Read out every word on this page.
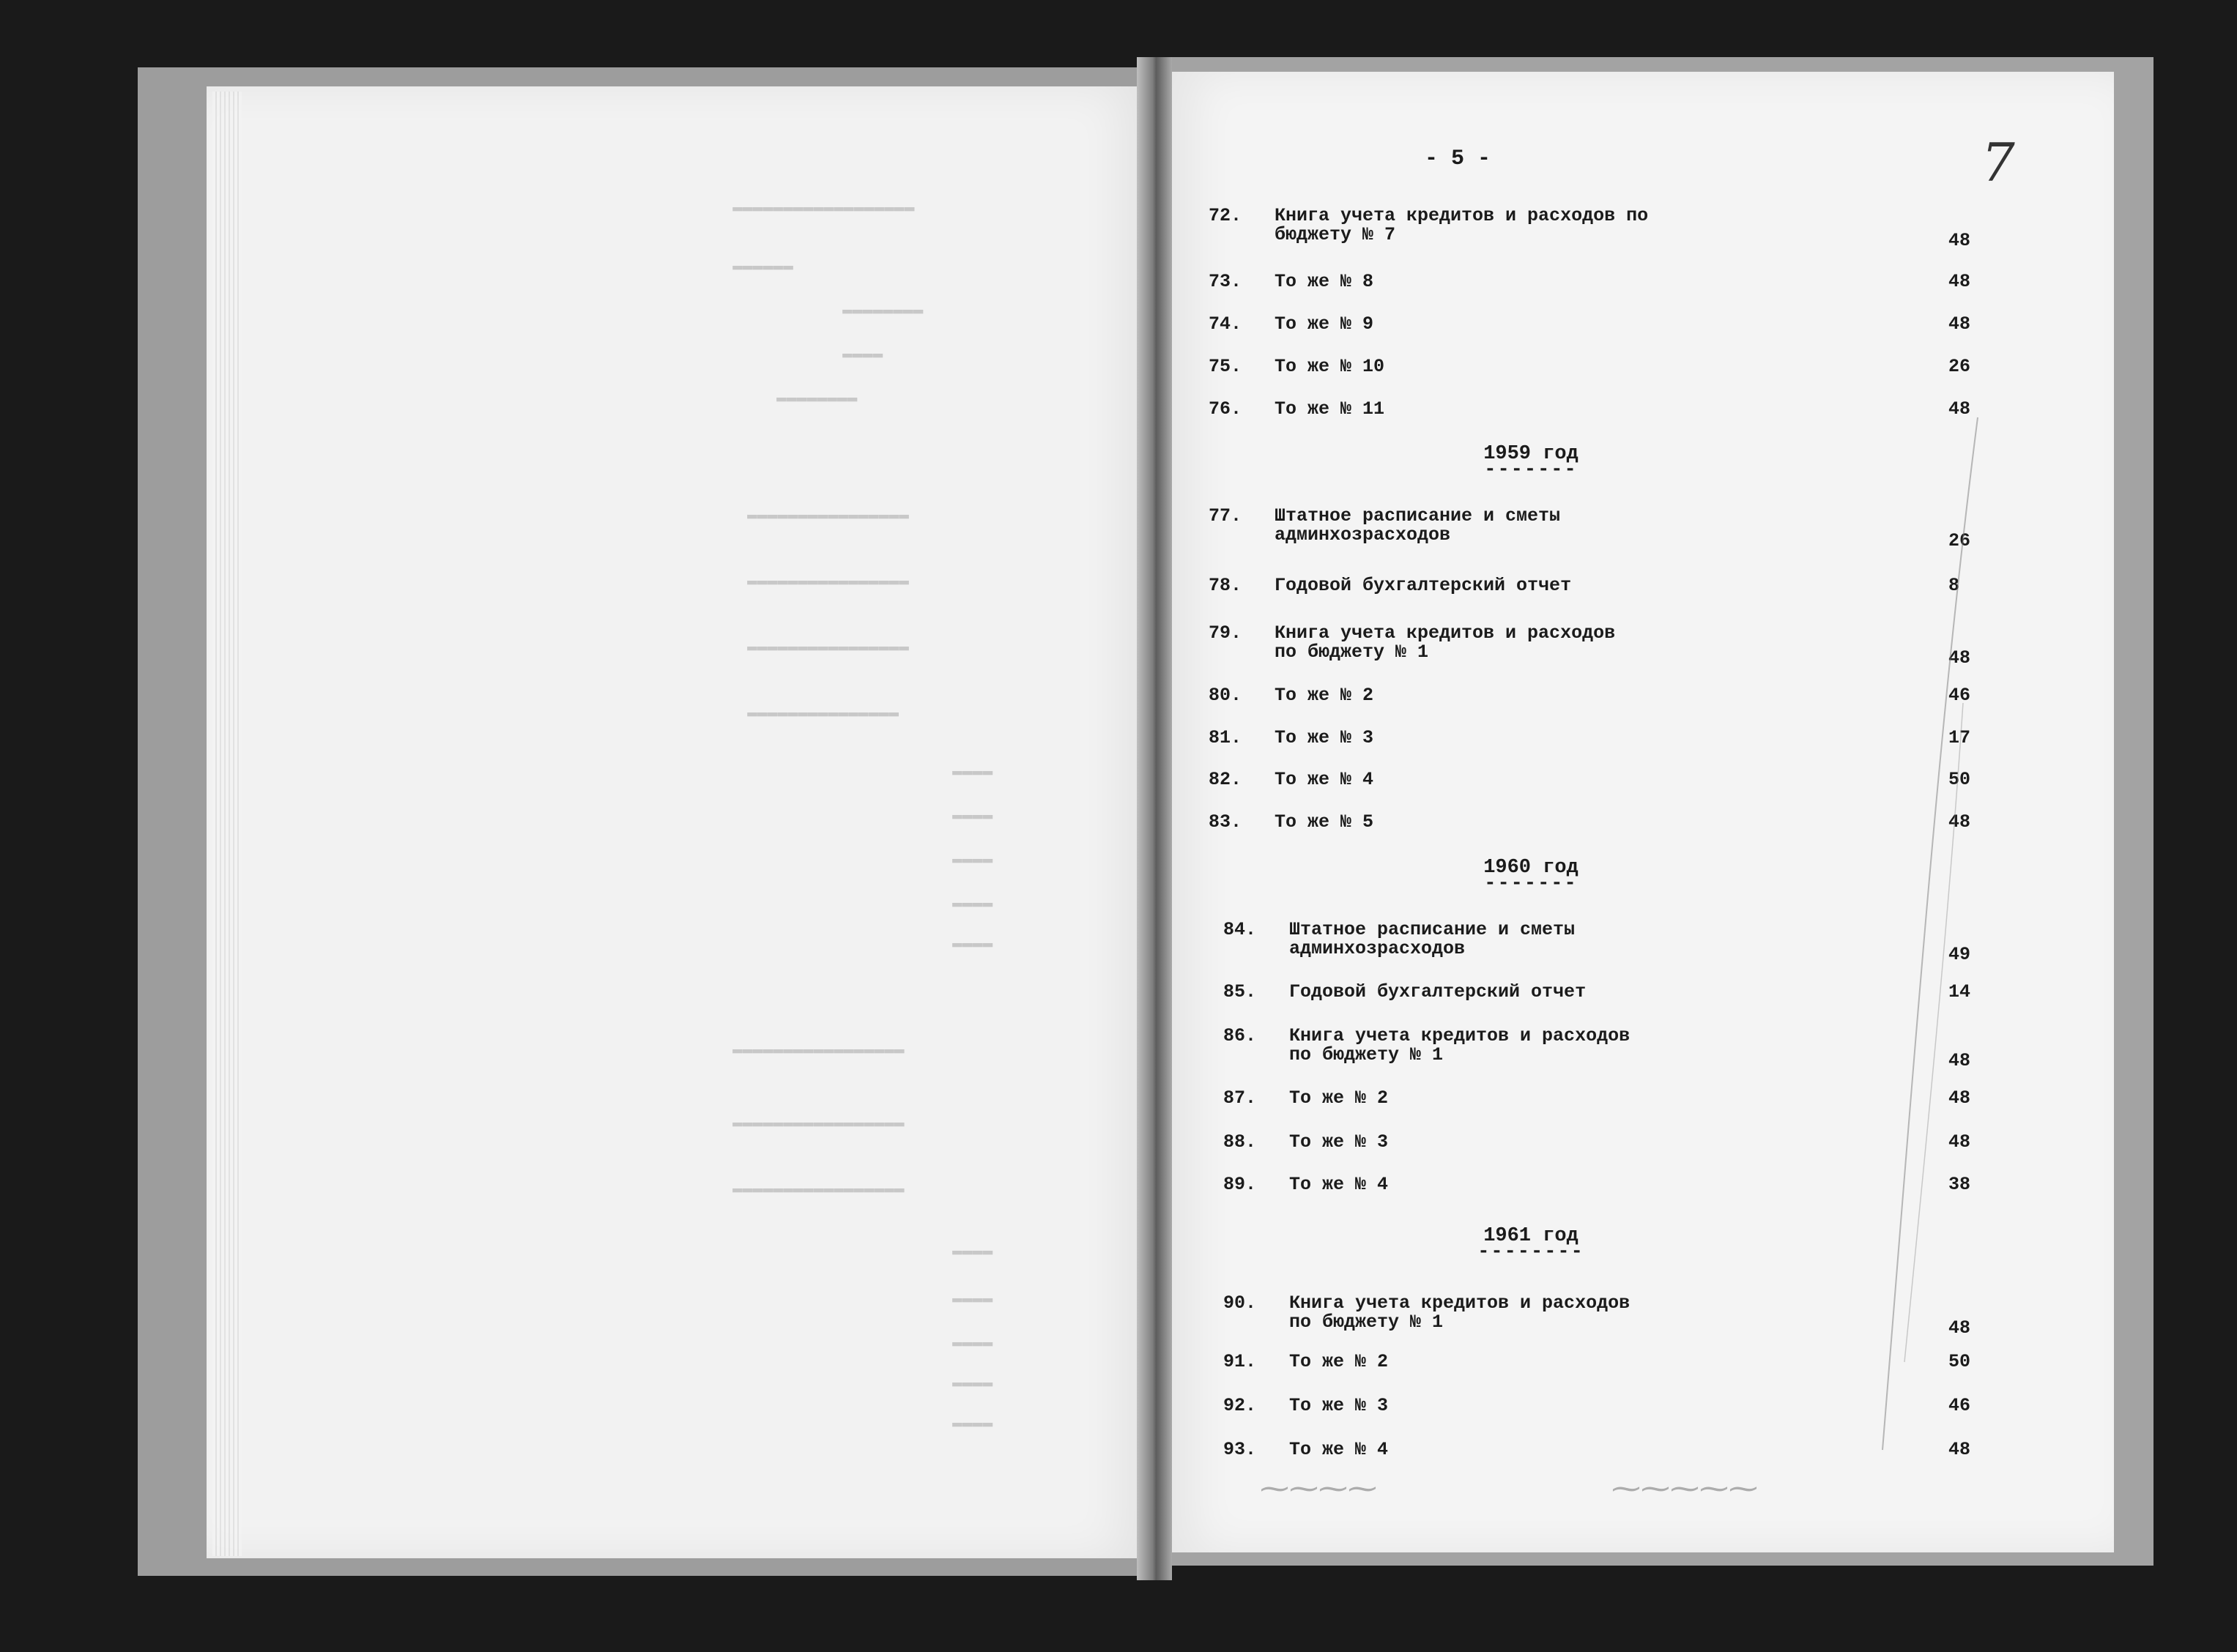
▬▬▬▬▬▬▬▬▬▬▬▬▬▬▬▬▬▬
▬▬▬▬▬▬
▬▬▬▬▬▬▬▬
▬▬▬▬
▬▬▬▬▬▬▬▬
▬▬▬▬▬▬▬▬▬▬▬▬▬▬▬▬
▬▬▬▬▬▬▬▬▬▬▬▬▬▬▬▬
▬▬▬▬▬▬▬▬▬▬▬▬▬▬▬▬
▬▬▬▬▬▬▬▬▬▬▬▬▬▬▬
▬▬▬▬
▬▬▬▬
▬▬▬▬
▬▬▬▬
▬▬▬▬
▬▬▬▬▬▬▬▬▬▬▬▬▬▬▬▬▬
▬▬▬▬▬▬▬▬▬▬▬▬▬▬▬▬▬
▬▬▬▬▬▬▬▬▬▬▬▬▬▬▬▬▬
▬▬▬▬
▬▬▬▬
▬▬▬▬
▬▬▬▬
▬▬▬▬
- 5 -	7
72. Книга учета кредитов и расходов по
бюджету № 7	48
73. То же № 8	48
74. То же № 9	48
75. То же № 10	26
76. То же № 11	48
1959 год
-------
77. Штатное расписание и сметы
админхозрасходов	26
78. Годовой бухгалтерский отчет	8
79. Книга учета кредитов и расходов
по бюджету № 1	48
80. То же № 2	46
81. То же № 3	17
82. То же № 4	50
83. То же № 5	48
1960 год
-------
84. Штатное расписание и сметы
админхозрасходов	49
85. Годовой бухгалтерский отчет	14
86. Книга учета кредитов и расходов
по бюджету № 1	48
87. То же № 2	48
88. То же № 3	48
89. То же № 4	38
1961 год
--------
90. Книга учета кредитов и расходов
по бюджету № 1	48
91. То же № 2	50
92. То же № 3	46
93. То же № 4	48
⁓⁓⁓⁓	⁓⁓⁓⁓⁓
